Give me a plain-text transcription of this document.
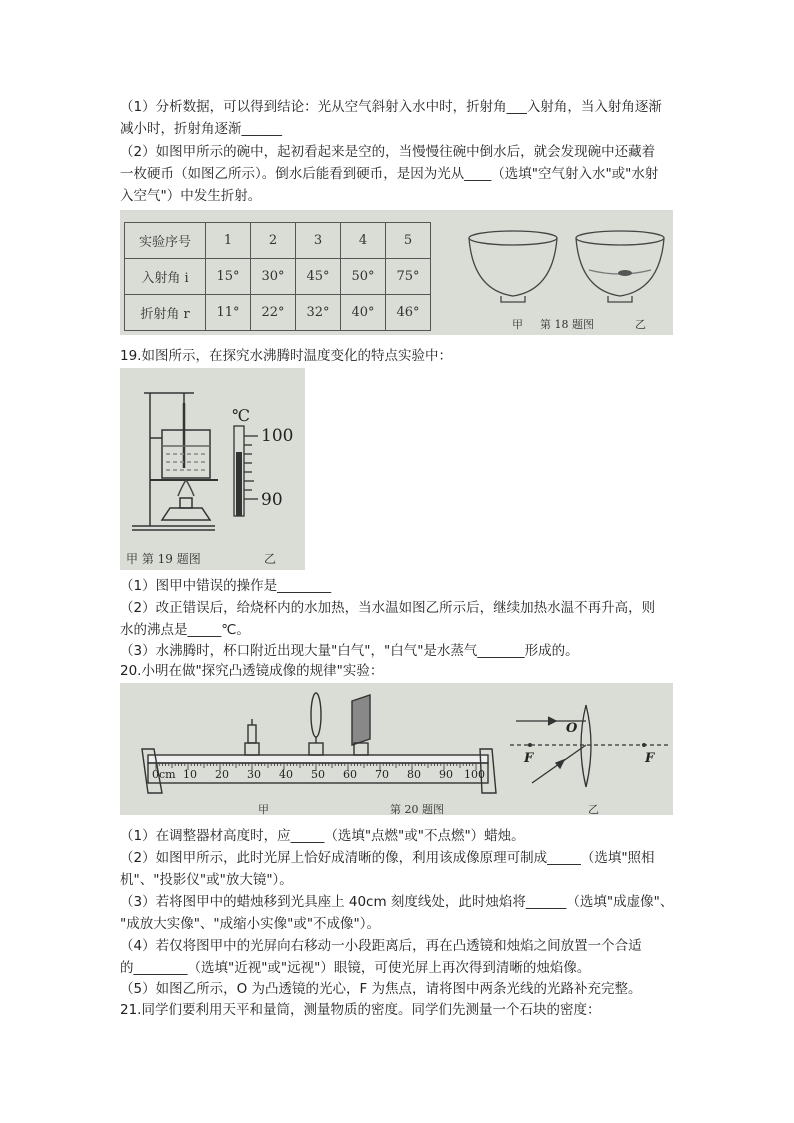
（1）分析数据，可以得到结论：光从空气斜射入水中时，折射角___入射角，当入射角逐渐
减小时，折射角逐渐______
（2）如图甲所示的碗中，起初看起来是空的，当慢慢往碗中倒水后，就会发现碗中还藏着
一枚硬币（如图乙所示）。倒水后能看到硬币，是因为光从____（选填"空气射入水"或"水射
入空气"）中发生折射。
实验序号	1	2	3	4	5
入射角 i	15°	30°	45°	50°	75°
折射角 r	11°	22°	32°	40°	46°
甲 第 18 题图	乙
19.如图所示，在探究水沸腾时温度变化的特点实验中：
℃
100
90
甲 第 19 题图	乙
（1）图甲中错误的操作是________
（2）改正错误后，给烧杯内的水加热，当水温如图乙所示后，继续加热水温不再升高，则
水的沸点是_____℃。
（3）水沸腾时，杯口附近出现大量"白气"，"白气"是水蒸气_______形成的。
20.小明在做"探究凸透镜成像的规律"实验：
0cm 10 20 30 40 50 60 70 80 90 100
O
F	F
甲	第 20 题图	乙
（1）在调整器材高度时，应_____（选填"点燃"或"不点燃"）蜡烛。
（2）如图甲所示，此时光屏上恰好成清晰的像，利用该成像原理可制成_____（选填"照相
机"、"投影仪"或"放大镜"）。
（3）若将图甲中的蜡烛移到光具座上 40cm 刻度线处，此时烛焰将______（选填"成虚像"、
"成放大实像"、"成缩小实像"或"不成像"）。
（4）若仅将图甲中的光屏向右移动一小段距离后，再在凸透镜和烛焰之间放置一个合适
的________（选填"近视"或"远视"）眼镜，可使光屏上再次得到清晰的烛焰像。
（5）如图乙所示，O 为凸透镜的光心，F 为焦点，请将图中两条光线的光路补充完整。
21.同学们要利用天平和量筒，测量物质的密度。同学们先测量一个石块的密度：
